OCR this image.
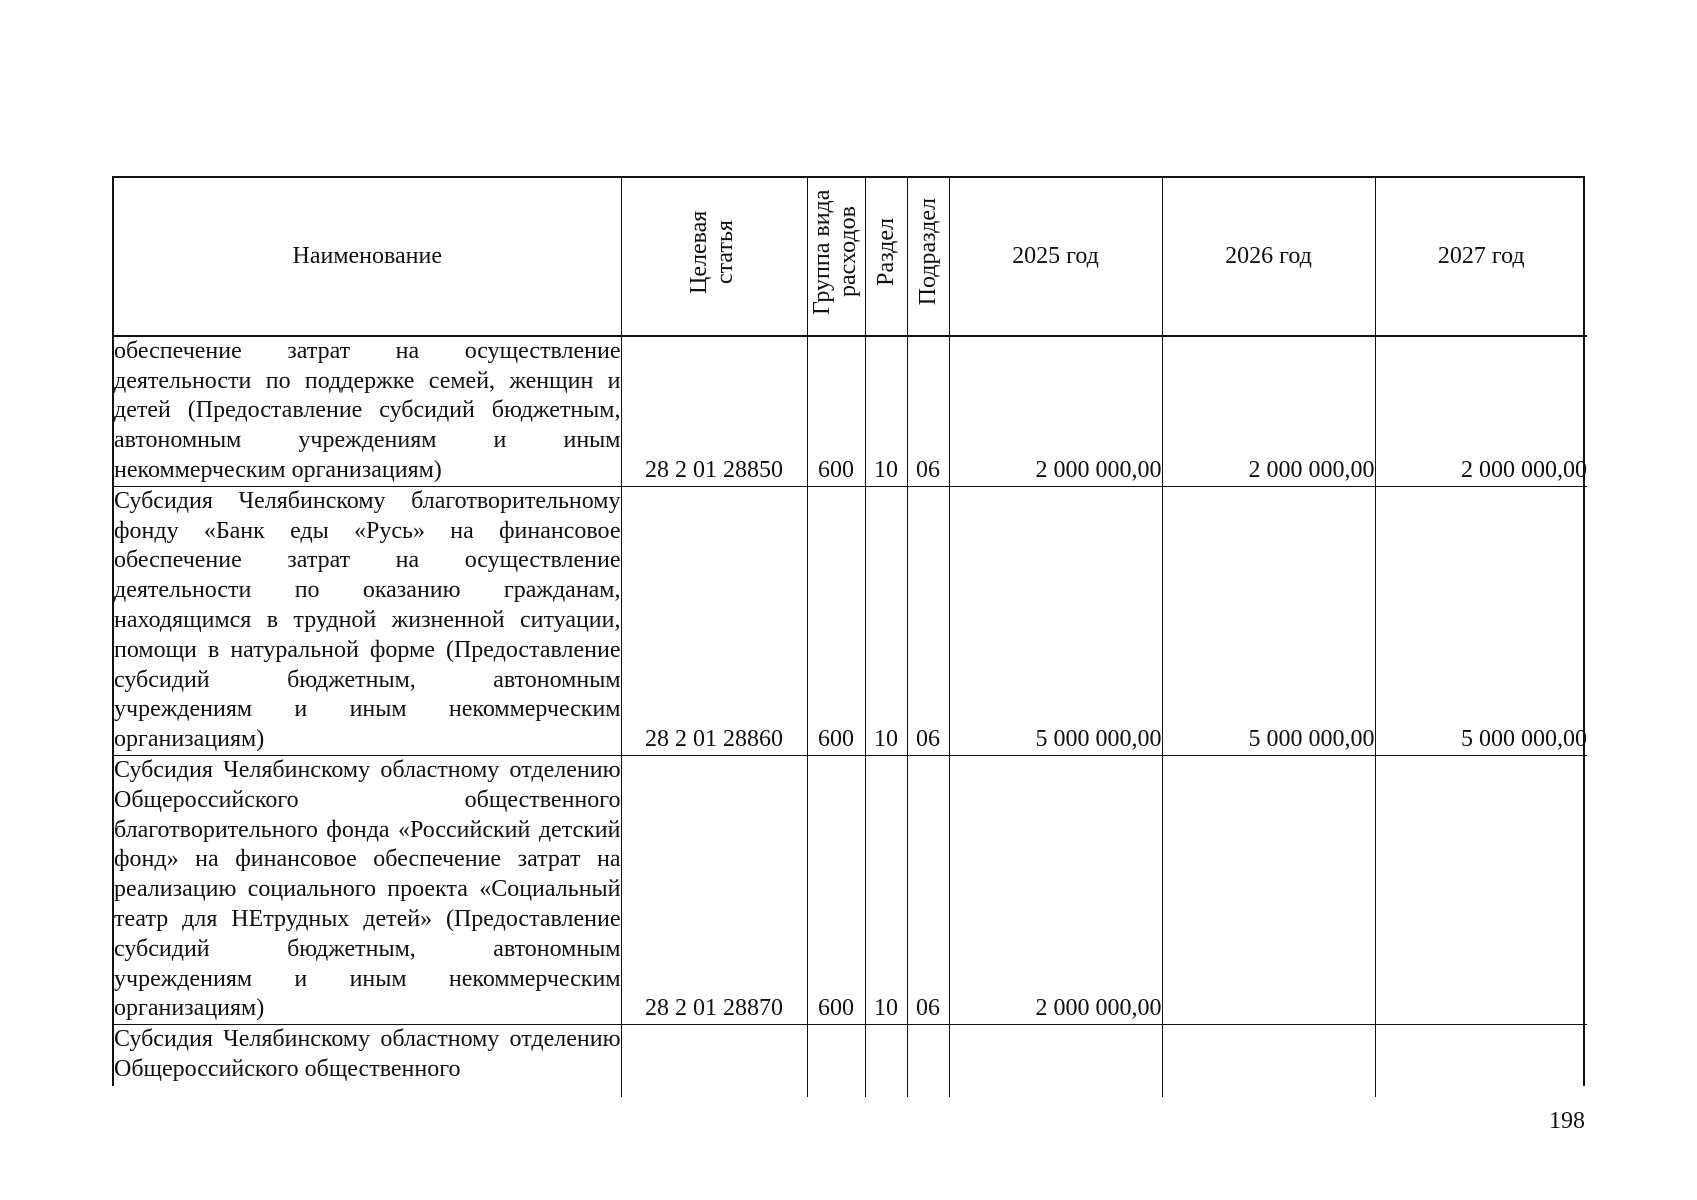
Наименование	Целевая статья	Группа вида расходов	Раздел	Подраздел	2025 год	2026 год	2027 год
обеспечение затрат на осуществление деятельности по поддержке семей, женщин и детей (Предоставление субсидий бюджетным, автономным учреждениям и иным некоммерческим организациям)	28 2 01 28850	600	10	06	2 000 000,00	2 000 000,00	2 000 000,00
Субсидия Челябинскому благотворительному фонду «Банк еды «Русь» на финансовое обеспечение затрат на осуществление деятельности по оказанию гражданам, находящимся в трудной жизненной ситуации, помощи в натуральной форме (Предоставление субсидий бюджетным, автономным учреждениям и иным некоммерческим организациям)	28 2 01 28860	600	10	06	5 000 000,00	5 000 000,00	5 000 000,00
Субсидия Челябинскому областному отделению Общероссийского общественного благотворительного фонда «Российский детский фонд» на финансовое обеспечение затрат на реализацию социального проекта «Социальный театр для НЕтрудных детей» (Предоставление субсидий бюджетным, автономным учреждениям и иным некоммерческим организациям)	28 2 01 28870	600	10	06	2 000 000,00		
Субсидия Челябинскому областному отделению Общероссийского общественного							
198
